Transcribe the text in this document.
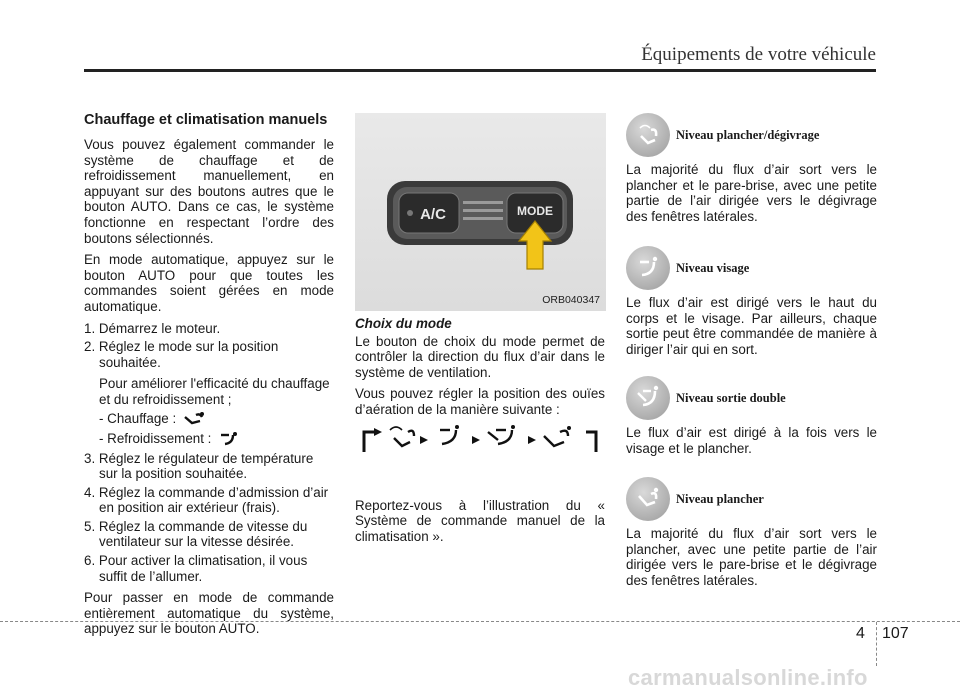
Équipements de votre véhicule
Chauffage et climatisation manuels

Vous pouvez également commander le système de chauffage et de refroidissement manuellement, en appuyant sur des boutons autres que le bouton AUTO. Dans ce cas, le système fonctionne en respectant l’ordre des boutons sélectionnés.

En mode automatique, appuyez sur le bouton AUTO pour que toutes les commandes soient gérées en mode automatique.

1. Démarrez le moteur.
2. Réglez le mode sur la position souhaitée.
Pour améliorer l'efficacité du chauffage et du refroidissement ;
- Chauffage :
- Refroidissement :
3. Réglez le régulateur de température sur la position souhaitée.
4. Réglez la commande d’admission d’air en position air extérieur (frais).
5. Réglez la commande de vitesse du ventilateur sur la vitesse désirée.
6. Pour activer la climatisation, il vous suffit de l’allumer.

Pour passer en mode de commande entièrement automatique du système, appuyez sur le bouton AUTO.

A/C	MODE
ORB040347
Choix du mode

Le bouton de choix du mode permet de contrôler la direction du flux d’air dans le système de ventilation.

Vous pouvez régler la position des ouïes d’aération de la manière suivante :

Reportez-vous à l’illustration du « Système de commande manuel de la climatisation ».

Niveau plancher/dégivrage

La majorité du flux d’air sort vers le plancher et le pare-brise, avec une petite partie de l’air dirigée vers le dégivrage des fenêtres latérales.

Niveau visage

Le flux d’air est dirigé vers le haut du corps et le visage. Par ailleurs, chaque sortie peut être commandée de manière à diriger l’air qui en sort.

Niveau sortie double

Le flux d’air est dirigé à la fois vers le visage et le plancher.

Niveau plancher

La majorité du flux d’air sort vers le plancher, avec une petite partie de l’air dirigée vers le pare-brise et le dégivrage des fenêtres latérales.

4 107
carmanualsonline.info
